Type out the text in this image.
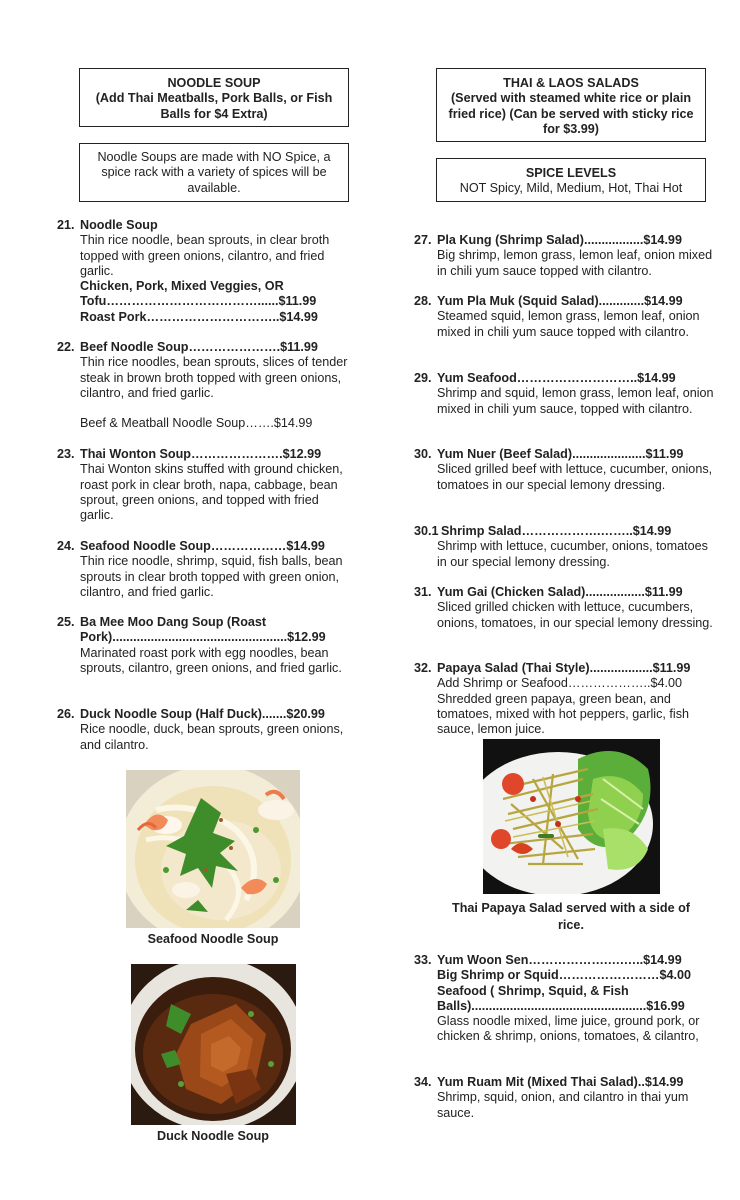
NOODLE SOUP
(Add Thai Meatballs, Pork Balls, or Fish Balls for $4 Extra)
Noodle Soups are made with NO Spice, a spice rack with a variety of spices will be available.
THAI & LAOS SALADS
(Served with steamed white rice or plain fried rice) (Can be served with sticky rice for $3.99)
SPICE LEVELS
NOT Spicy, Mild, Medium, Hot, Thai Hot
21. Noodle Soup
Thin rice noodle, bean sprouts, in clear broth topped with green onions, cilantro, and fried garlic.
Chicken, Pork, Mixed Veggies, OR
Tofu………………………………......$11.99
Roast Pork…………………………..$14.99
22. Beef Noodle Soup………………….$11.99
Thin rice noodles, bean sprouts, slices of tender steak in brown broth topped with green onions, cilantro, and fried garlic.
Beef & Meatball Noodle Soup…….$14.99
23. Thai Wonton Soup………………….$12.99
Thai Wonton skins stuffed with ground chicken, roast pork in clear broth, napa, cabbage, bean sprout, green onions, and topped with fried garlic.
24. Seafood Noodle Soup………………$14.99
Thin rice noodle, shrimp, squid, fish balls, bean sprouts in clear broth topped with green onion, cilantro, and fried garlic.
25. Ba Mee Moo Dang Soup (Roast
Pork)..................................................$12.99
Marinated roast pork with egg noodles, bean sprouts, cilantro, green onions, and fried garlic.
26. Duck Noodle Soup (Half Duck).......$20.99
Rice noodle, duck, bean sprouts, green onions, and cilantro.
Seafood Noodle Soup
Duck Noodle Soup
27. Pla Kung (Shrimp Salad).................$14.99
Big shrimp, lemon grass, lemon leaf, onion mixed in chili yum sauce topped with cilantro.
28. Yum Pla Muk (Squid Salad).............$14.99
Steamed squid, lemon grass, lemon leaf, onion mixed in chili yum sauce topped with cilantro.
29. Yum Seafood………………………..$14.99
Shrimp and squid, lemon grass, lemon leaf, onion mixed in chili yum sauce, topped with cilantro.
30. Yum Nuer (Beef Salad).....................$11.99
Sliced grilled beef with lettuce, cucumber, onions, tomatoes in our special lemony dressing.
30.1 Shrimp Salad……………….……..$14.99
Shrimp with lettuce, cucumber, onions, tomatoes in our special lemony dressing.
31. Yum Gai (Chicken Salad).................$11.99
Sliced grilled chicken with lettuce, cucumbers, onions, tomatoes, in our special lemony dressing.
32. Papaya Salad (Thai Style)..................$11.99
Add Shrimp or Seafood………………..$4.00
Shredded green papaya, green bean, and tomatoes, mixed with hot peppers, garlic, fish sauce, lemon juice.
Thai Papaya Salad served with a side of rice.
33. Yum Woon Sen……………….….…..$14.99
Big Shrimp or Squid……………………$4.00
Seafood ( Shrimp, Squid, & Fish
Balls)..................................................$16.99
Glass noodle mixed, lime juice, ground pork, or chicken & shrimp, onions, tomatoes, & cilantro,
34. Yum Ruam Mit (Mixed Thai Salad)..$14.99
Shrimp, squid, onion, and cilantro in thai yum sauce.
